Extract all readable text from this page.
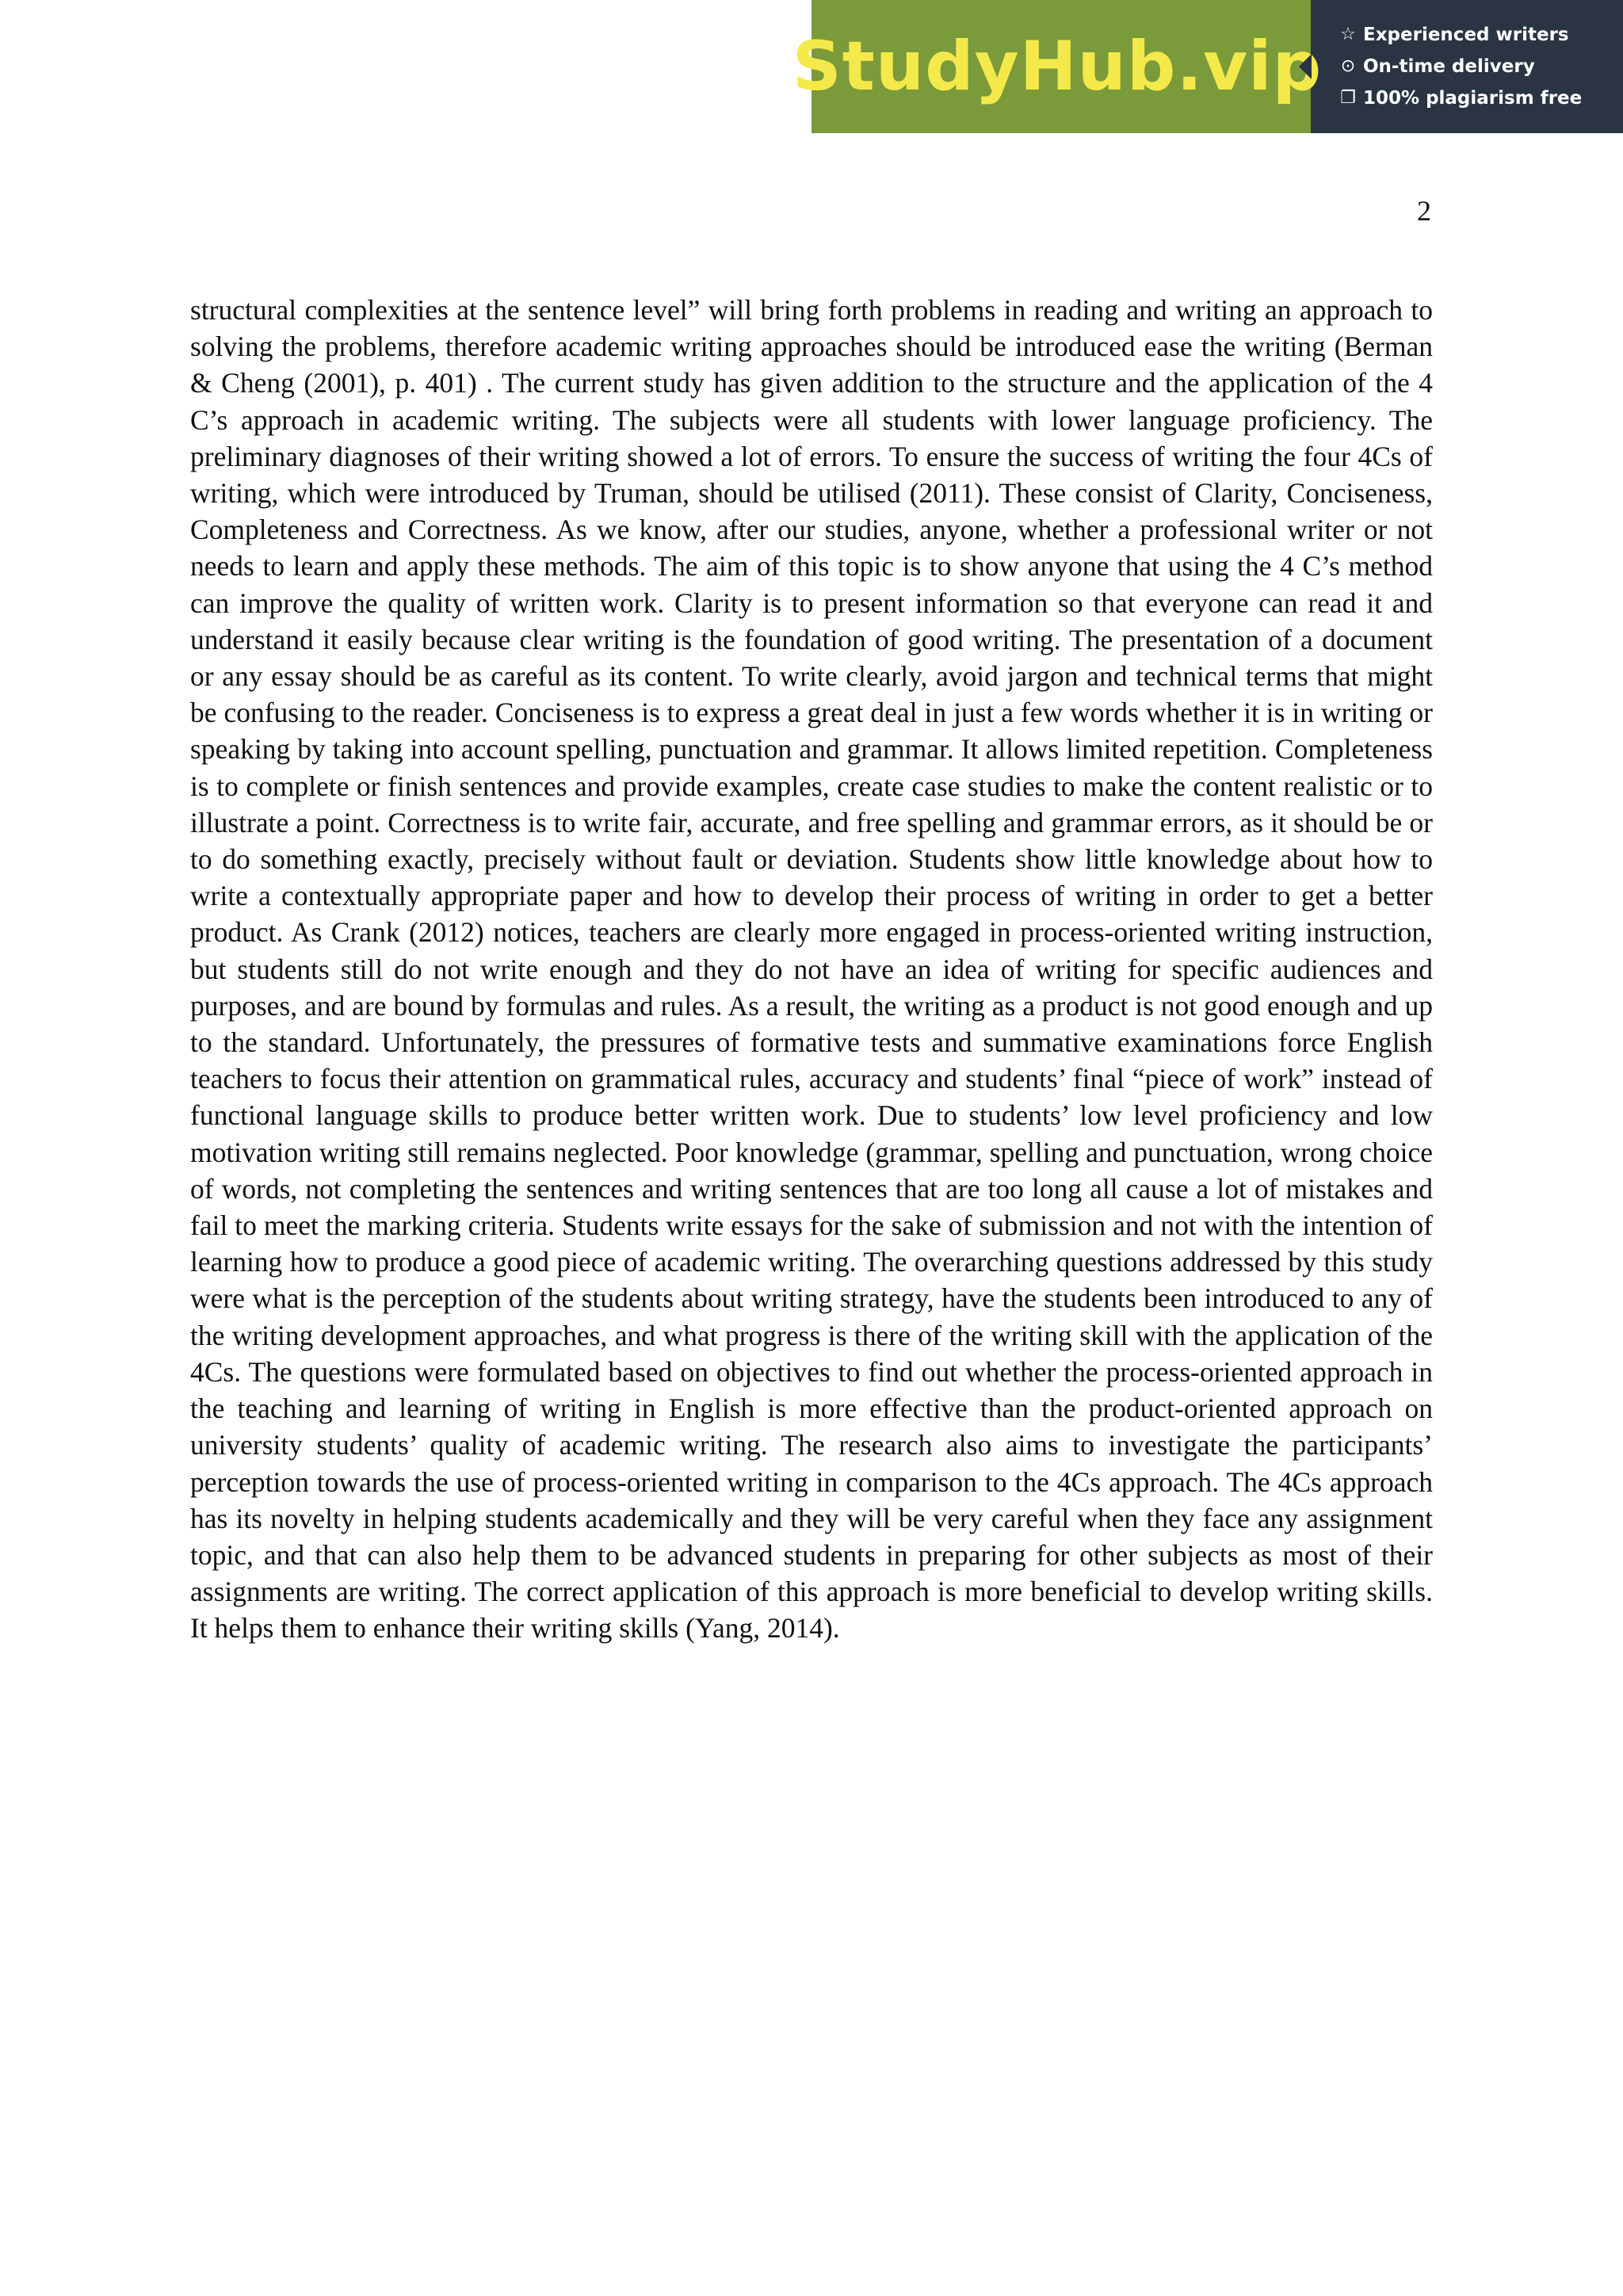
StudyHub.vip ☆ Experienced writers
⊙ On-time delivery
❐ 100% plagiarism free
2

structural complexities at the sentence level” will bring forth problems in reading and writing an approach to solving the problems, therefore academic writing approaches should be introduced ease the writing (Berman & Cheng (2001), p. 401) . The current study has given addition to the structure and the application of the 4 C’s approach in academic writing. The subjects were all students with lower language proficiency. The preliminary diagnoses of their writing showed a lot of errors. To ensure the success of writing the four 4Cs of writing, which were introduced by Truman, should be utilised (2011). These consist of Clarity, Conciseness, Completeness and Correctness. As we know, after our studies, anyone, whether a professional writer or not needs to learn and apply these methods. The aim of this topic is to show anyone that using the 4 C’s method can improve the quality of written work. Clarity is to present information so that everyone can read it and understand it easily because clear writing is the foundation of good writing. The presentation of a document or any essay should be as careful as its content. To write clearly, avoid jargon and technical terms that might be confusing to the reader. Conciseness is to express a great deal in just a few words whether it is in writing or speaking by taking into account spelling, punctuation and grammar. It allows limited repetition. Completeness is to complete or finish sentences and provide examples, create case studies to make the content realistic or to illustrate a point. Correctness is to write fair, accurate, and free spelling and grammar errors, as it should be or to do something exactly, precisely without fault or deviation. Students show little knowledge about how to write a contextually appropriate paper and how to develop their process of writing in order to get a better product. As Crank (2012) notices, teachers are clearly more engaged in process-oriented writing instruction, but students still do not write enough and they do not have an idea of writing for specific audiences and purposes, and are bound by formulas and rules. As a result, the writing as a product is not good enough and up to the standard. Unfortunately, the pressures of formative tests and summative examinations force English teachers to focus their attention on grammatical rules, accuracy and students’ final “piece of work” instead of functional language skills to produce better written work. Due to students’ low level proficiency and low motivation writing still remains neglected. Poor knowledge (grammar, spelling and punctuation, wrong choice of words, not completing the sentences and writing sentences that are too long all cause a lot of mistakes and fail to meet the marking criteria. Students write essays for the sake of submission and not with the intention of learning how to produce a good piece of academic writing. The overarching questions addressed by this study were what is the perception of the students about writing strategy, have the students been introduced to any of the writing development approaches, and what progress is there of the writing skill with the application of the 4Cs. The questions were formulated based on objectives to find out whether the process-oriented approach in the teaching and learning of writing in English is more effective than the product-oriented approach on university students’ quality of academic writing. The research also aims to investigate the participants’ perception towards the use of process-oriented writing in comparison to the 4Cs approach. The 4Cs approach has its novelty in helping students academically and they will be very careful when they face any assignment topic, and that can also help them to be advanced students in preparing for other subjects as most of their assignments are writing. The correct application of this approach is more beneficial to develop writing skills. It helps them to enhance their writing skills (Yang, 2014).
